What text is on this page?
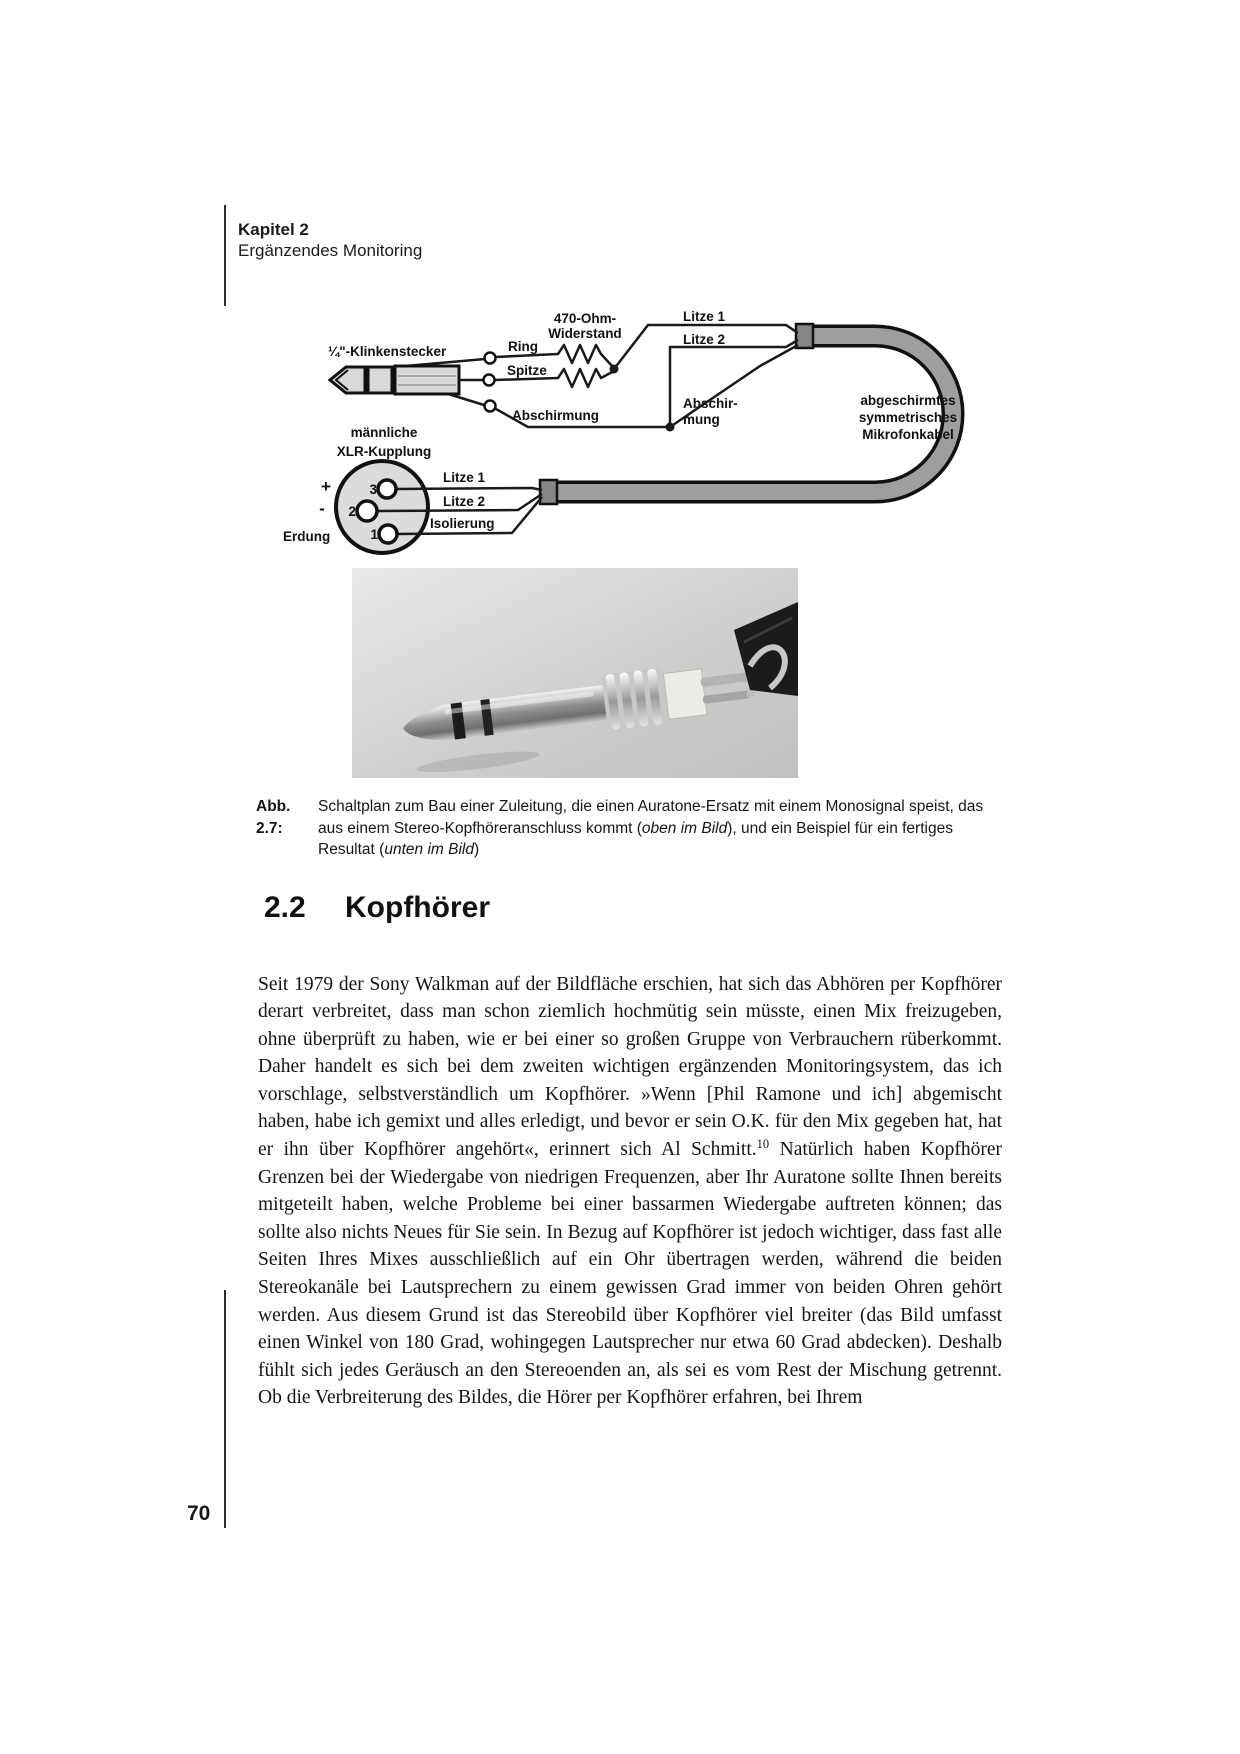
Kapitel 2
Ergänzendes Monitoring
¼"-Klinkenstecker	Ring
Spitze
Abschirmung
470-Ohm-
Widerstand
Litze 1
Litze 2
Abschir-
mung
abgeschirmtes
symmetrisches
Mikrofonkabel
männliche
XLR-Kupplung
+
-
Erdung
3
2
1
Litze 1
Litze 2
Isolierung
Abb. 2.7:
Schaltplan zum Bau einer Zuleitung, die einen Auratone-Ersatz mit einem Monosignal speist, das aus einem Stereo-Kopfhöreranschluss kommt (oben im Bild), und ein Beispiel für ein fertiges Resultat (unten im Bild)
2.2	Kopfhörer

Seit 1979 der Sony Walkman auf der Bildfläche erschien, hat sich das Abhören per Kopfhörer derart verbreitet, dass man schon ziemlich hochmütig sein müsste, einen Mix freizugeben, ohne überprüft zu haben, wie er bei einer so großen Gruppe von Verbrauchern rüberkommt. Daher handelt es sich bei dem zweiten wichtigen ergänzenden Monitoringsystem, das ich vorschlage, selbstverständlich um Kopfhörer. »Wenn [Phil Ramone und ich] abgemischt haben, habe ich gemixt und alles erledigt, und bevor er sein O.K. für den Mix gegeben hat, hat er ihn über Kopfhörer angehört«, erinnert sich Al Schmitt.$^{10}$ Natürlich haben Kopfhörer Grenzen bei der Wiedergabe von niedrigen Frequenzen, aber Ihr Auratone sollte Ihnen bereits mitgeteilt haben, welche Probleme bei einer bassarmen Wiedergabe auftreten können; das sollte also nichts Neues für Sie sein. In Bezug auf Kopfhörer ist jedoch wichtiger, dass fast alle Seiten Ihres Mixes ausschließlich auf ein Ohr übertragen werden, während die beiden Stereokanäle bei Lautsprechern zu einem gewissen Grad immer von beiden Ohren gehört werden. Aus diesem Grund ist das Stereobild über Kopfhörer viel breiter (das Bild umfasst einen Winkel von 180 Grad, wohingegen Lautsprecher nur etwa 60 Grad abdecken). Deshalb fühlt sich jedes Geräusch an den Stereoenden an, als sei es vom Rest der Mischung getrennt. Ob die Verbreiterung des Bildes, die Hörer per Kopfhörer erfahren, bei Ihrem

70
